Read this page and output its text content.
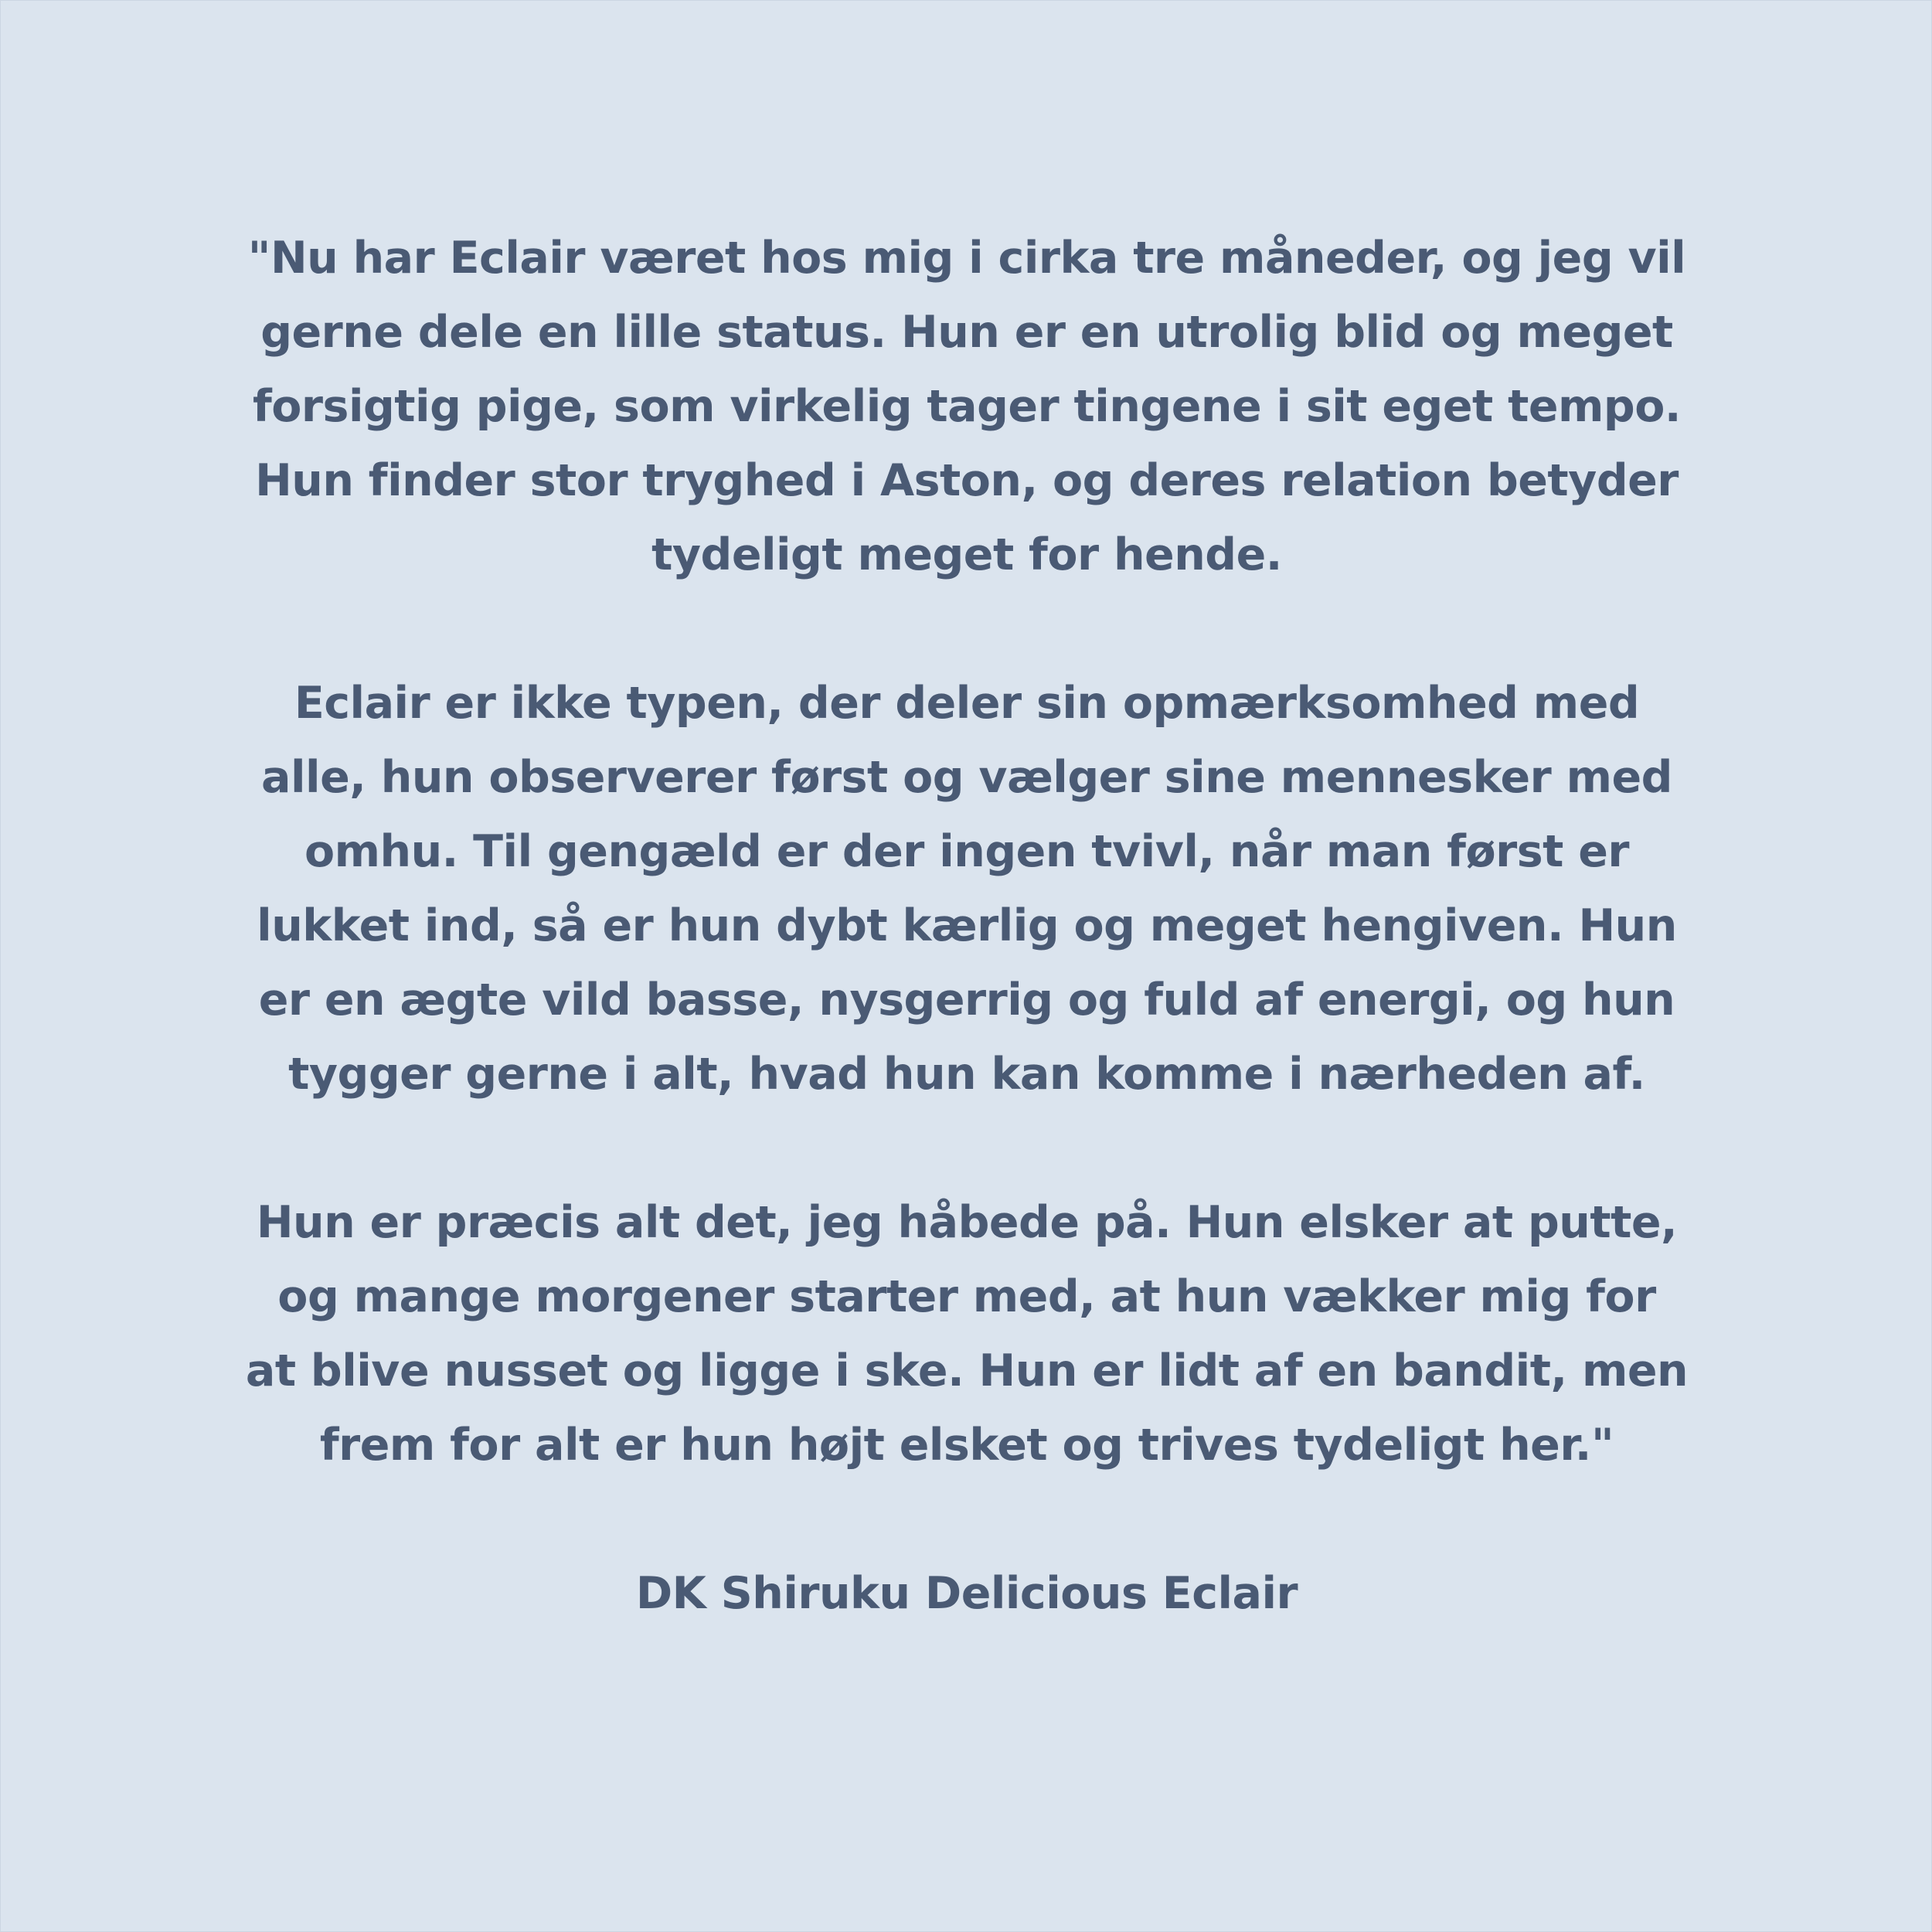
"Nu har Eclair været hos mig i cirka tre måneder, og jeg vil
gerne dele en lille status. Hun er en utrolig blid og meget
forsigtig pige, som virkelig tager tingene i sit eget tempo.
Hun finder stor tryghed i Aston, og deres relation betyder
tydeligt meget for hende.
Eclair er ikke typen, der deler sin opmærksomhed med
alle, hun observerer først og vælger sine mennesker med
omhu. Til gengæld er der ingen tvivl, når man først er
lukket ind, så er hun dybt kærlig og meget hengiven. Hun
er en ægte vild basse, nysgerrig og fuld af energi, og hun
tygger gerne i alt, hvad hun kan komme i nærheden af.
Hun er præcis alt det, jeg håbede på. Hun elsker at putte,
og mange morgener starter med, at hun vækker mig for
at blive nusset og ligge i ske. Hun er lidt af en bandit, men
frem for alt er hun højt elsket og trives tydeligt her."
DK Shiruku Delicious Eclair
